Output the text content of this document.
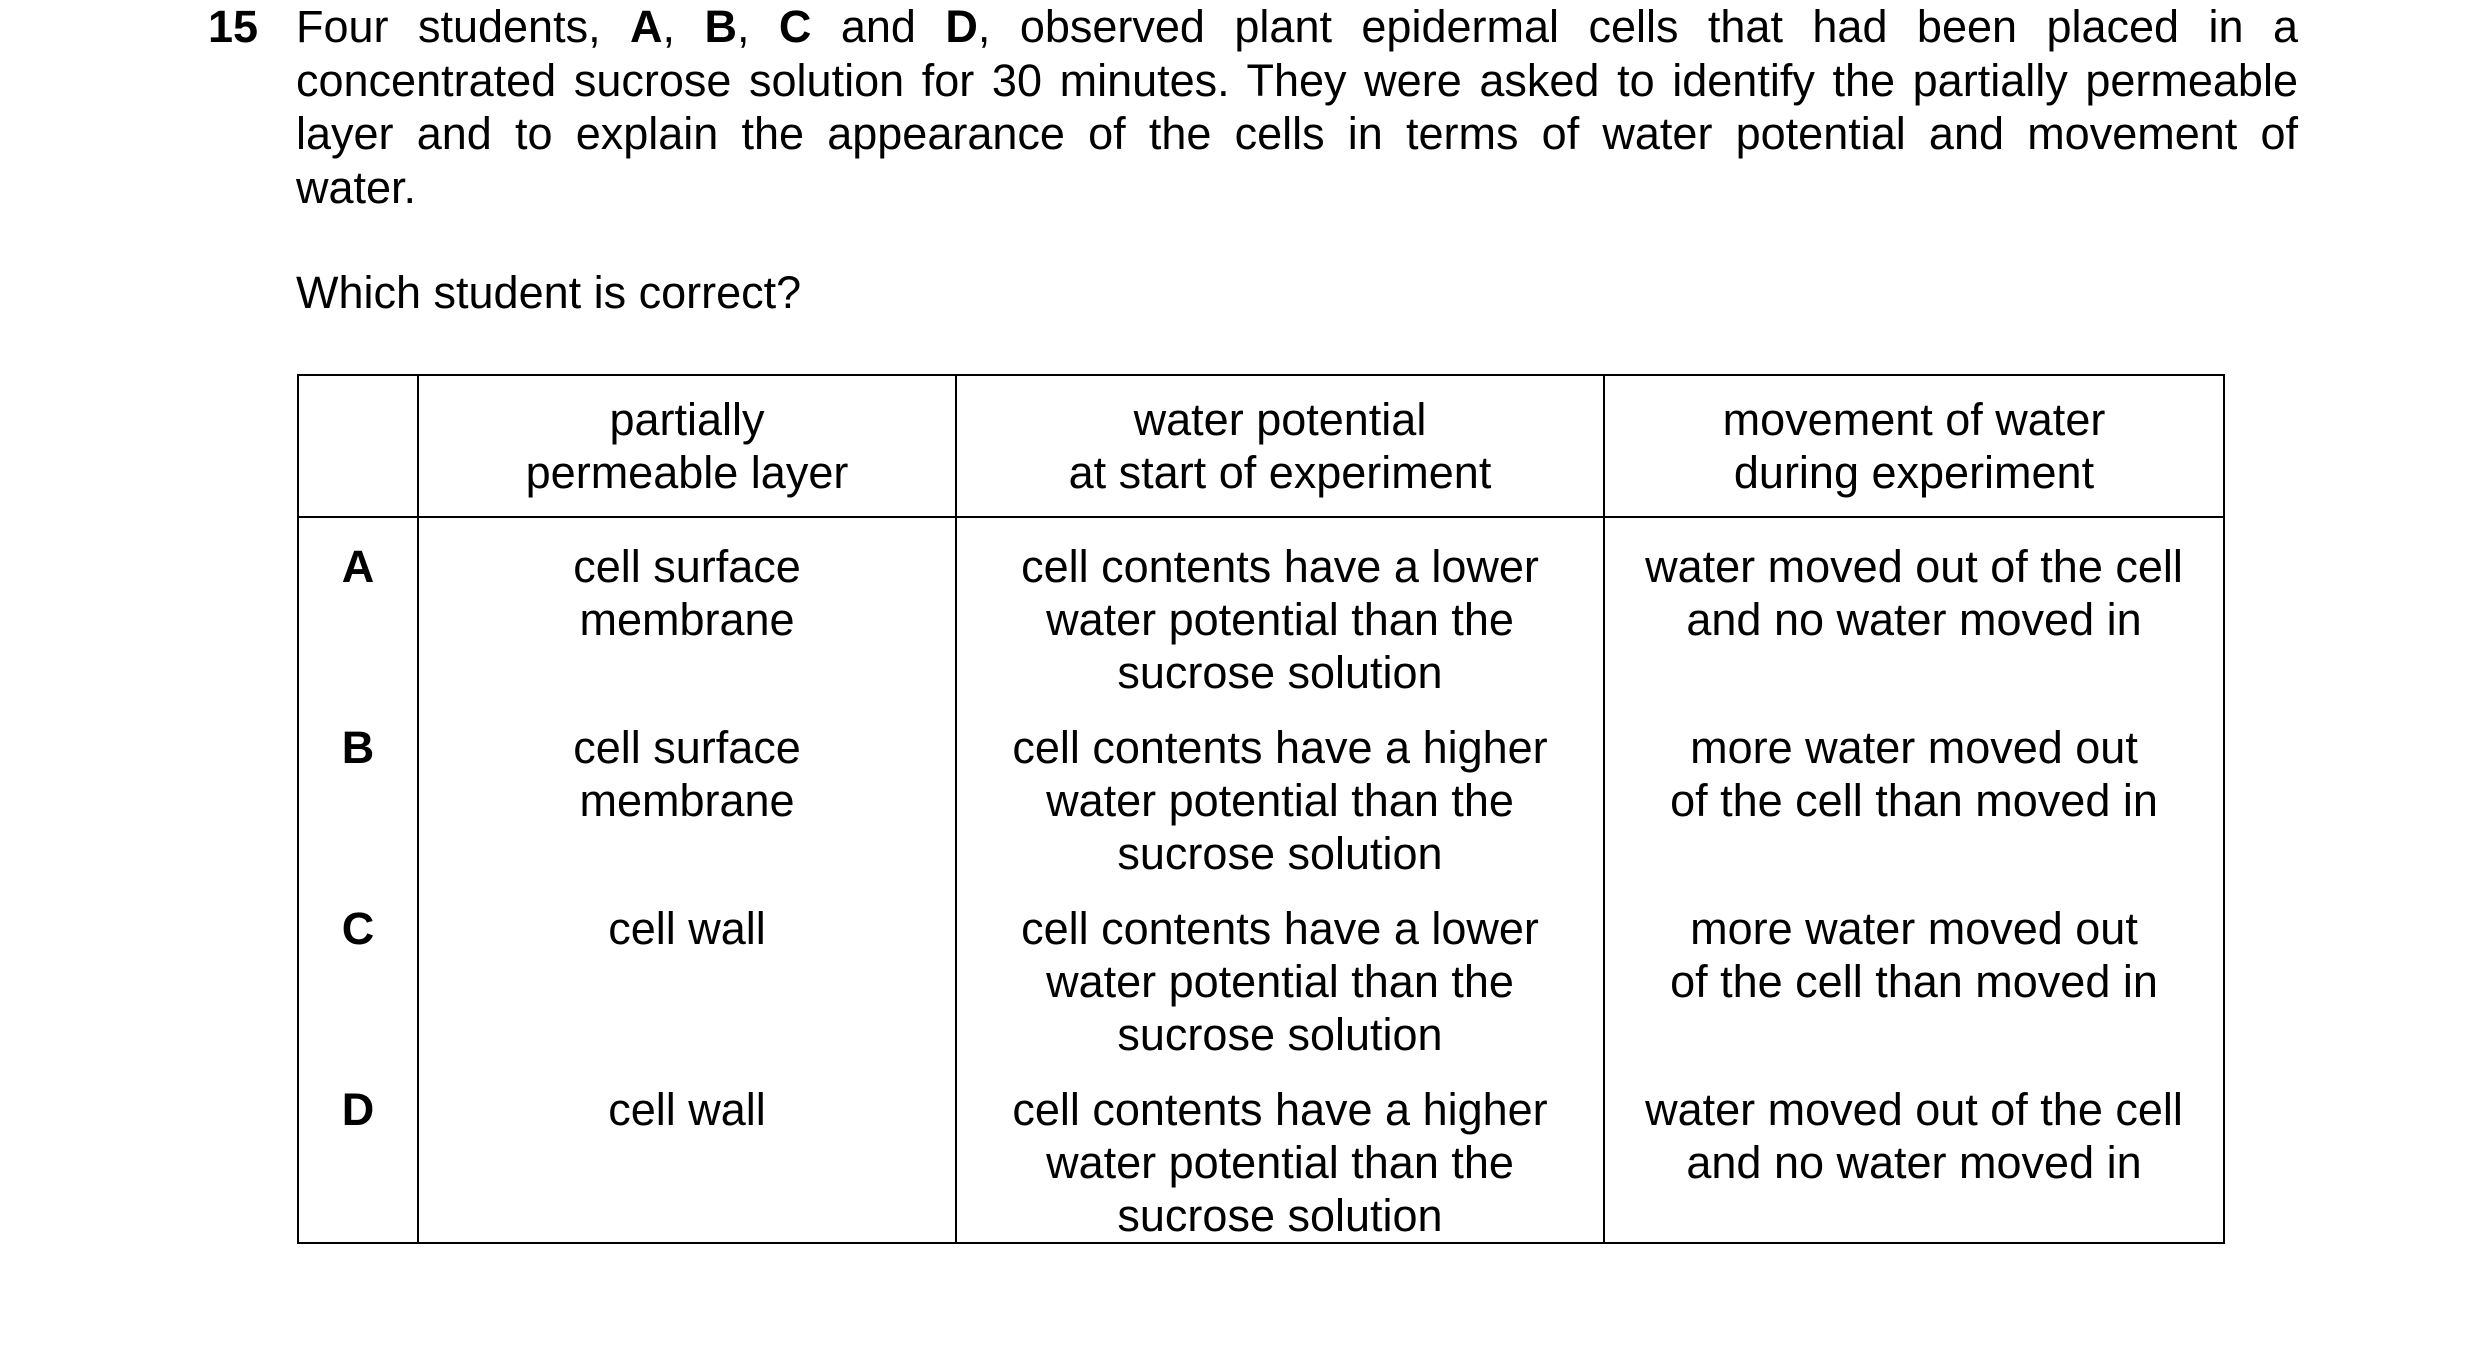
15 Four students, A, B, C and D, observed plant epidermal cells that had been placed in a
concentrated sucrose solution for 30 minutes. They were asked to identify the partially permeable
layer and to explain the appearance of the cells in terms of water potential and movement of
water.
Which student is correct?

	partially
permeable layer	water potential
at start of experiment	movement of water
during experiment

A	cell surface
membrane	cell contents have a lower
water potential than the
sucrose solution	water moved out of the cell
and no water moved in

B	cell surface
membrane	cell contents have a higher
water potential than the
sucrose solution	more water moved out
of the cell than moved in

C	cell wall	cell contents have a lower
water potential than the
sucrose solution	more water moved out
of the cell than moved in

D	cell wall	cell contents have a higher
water potential than the
sucrose solution	water moved out of the cell
and no water moved in
